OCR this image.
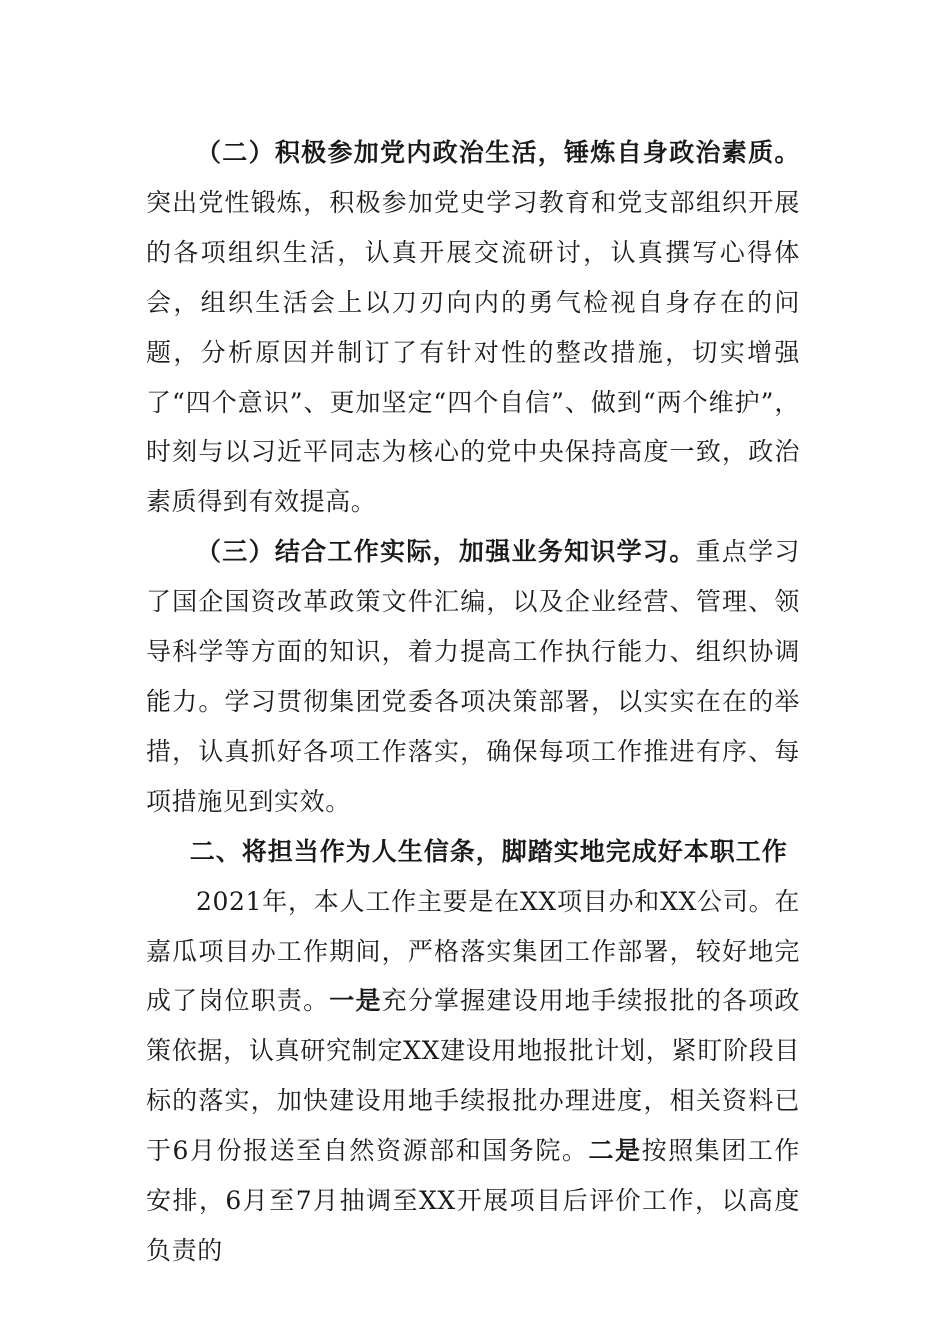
（二）积极参加党内政治生活，锤炼自身政治素质。突出党性锻炼，积极参加党史学习教育和党支部组织开展的各项组织生活，认真开展交流研讨，认真撰写心得体会，组织生活会上以刀刃向内的勇气检视自身存在的问题，分析原因并制订了有针对性的整改措施，切实增强了“四个意识”、更加坚定“四个自信”、做到“两个维护”，时刻与以习近平同志为核心的党中央保持高度一致，政治素质得到有效提高。

（三）结合工作实际，加强业务知识学习。重点学习了国企国资改革政策文件汇编，以及企业经营、管理、领导科学等方面的知识，着力提高工作执行能力、组织协调能力。学习贯彻集团党委各项决策部署，以实实在在的举措，认真抓好各项工作落实，确保每项工作推进有序、每项措施见到实效。

二、将担当作为人生信条，脚踏实地完成好本职工作

2021年，本人工作主要是在XX项目办和XX公司。在嘉瓜项目办工作期间，严格落实集团工作部署，较好地完成了岗位职责。一是充分掌握建设用地手续报批的各项政策依据，认真研究制定XX建设用地报批计划，紧盯阶段目标的落实，加快建设用地手续报批办理进度，相关资料已于6月份报送至自然资源部和国务院。二是按照集团工作安排，6月至7月抽调至XX开展项目后评价工作，以高度负责的
